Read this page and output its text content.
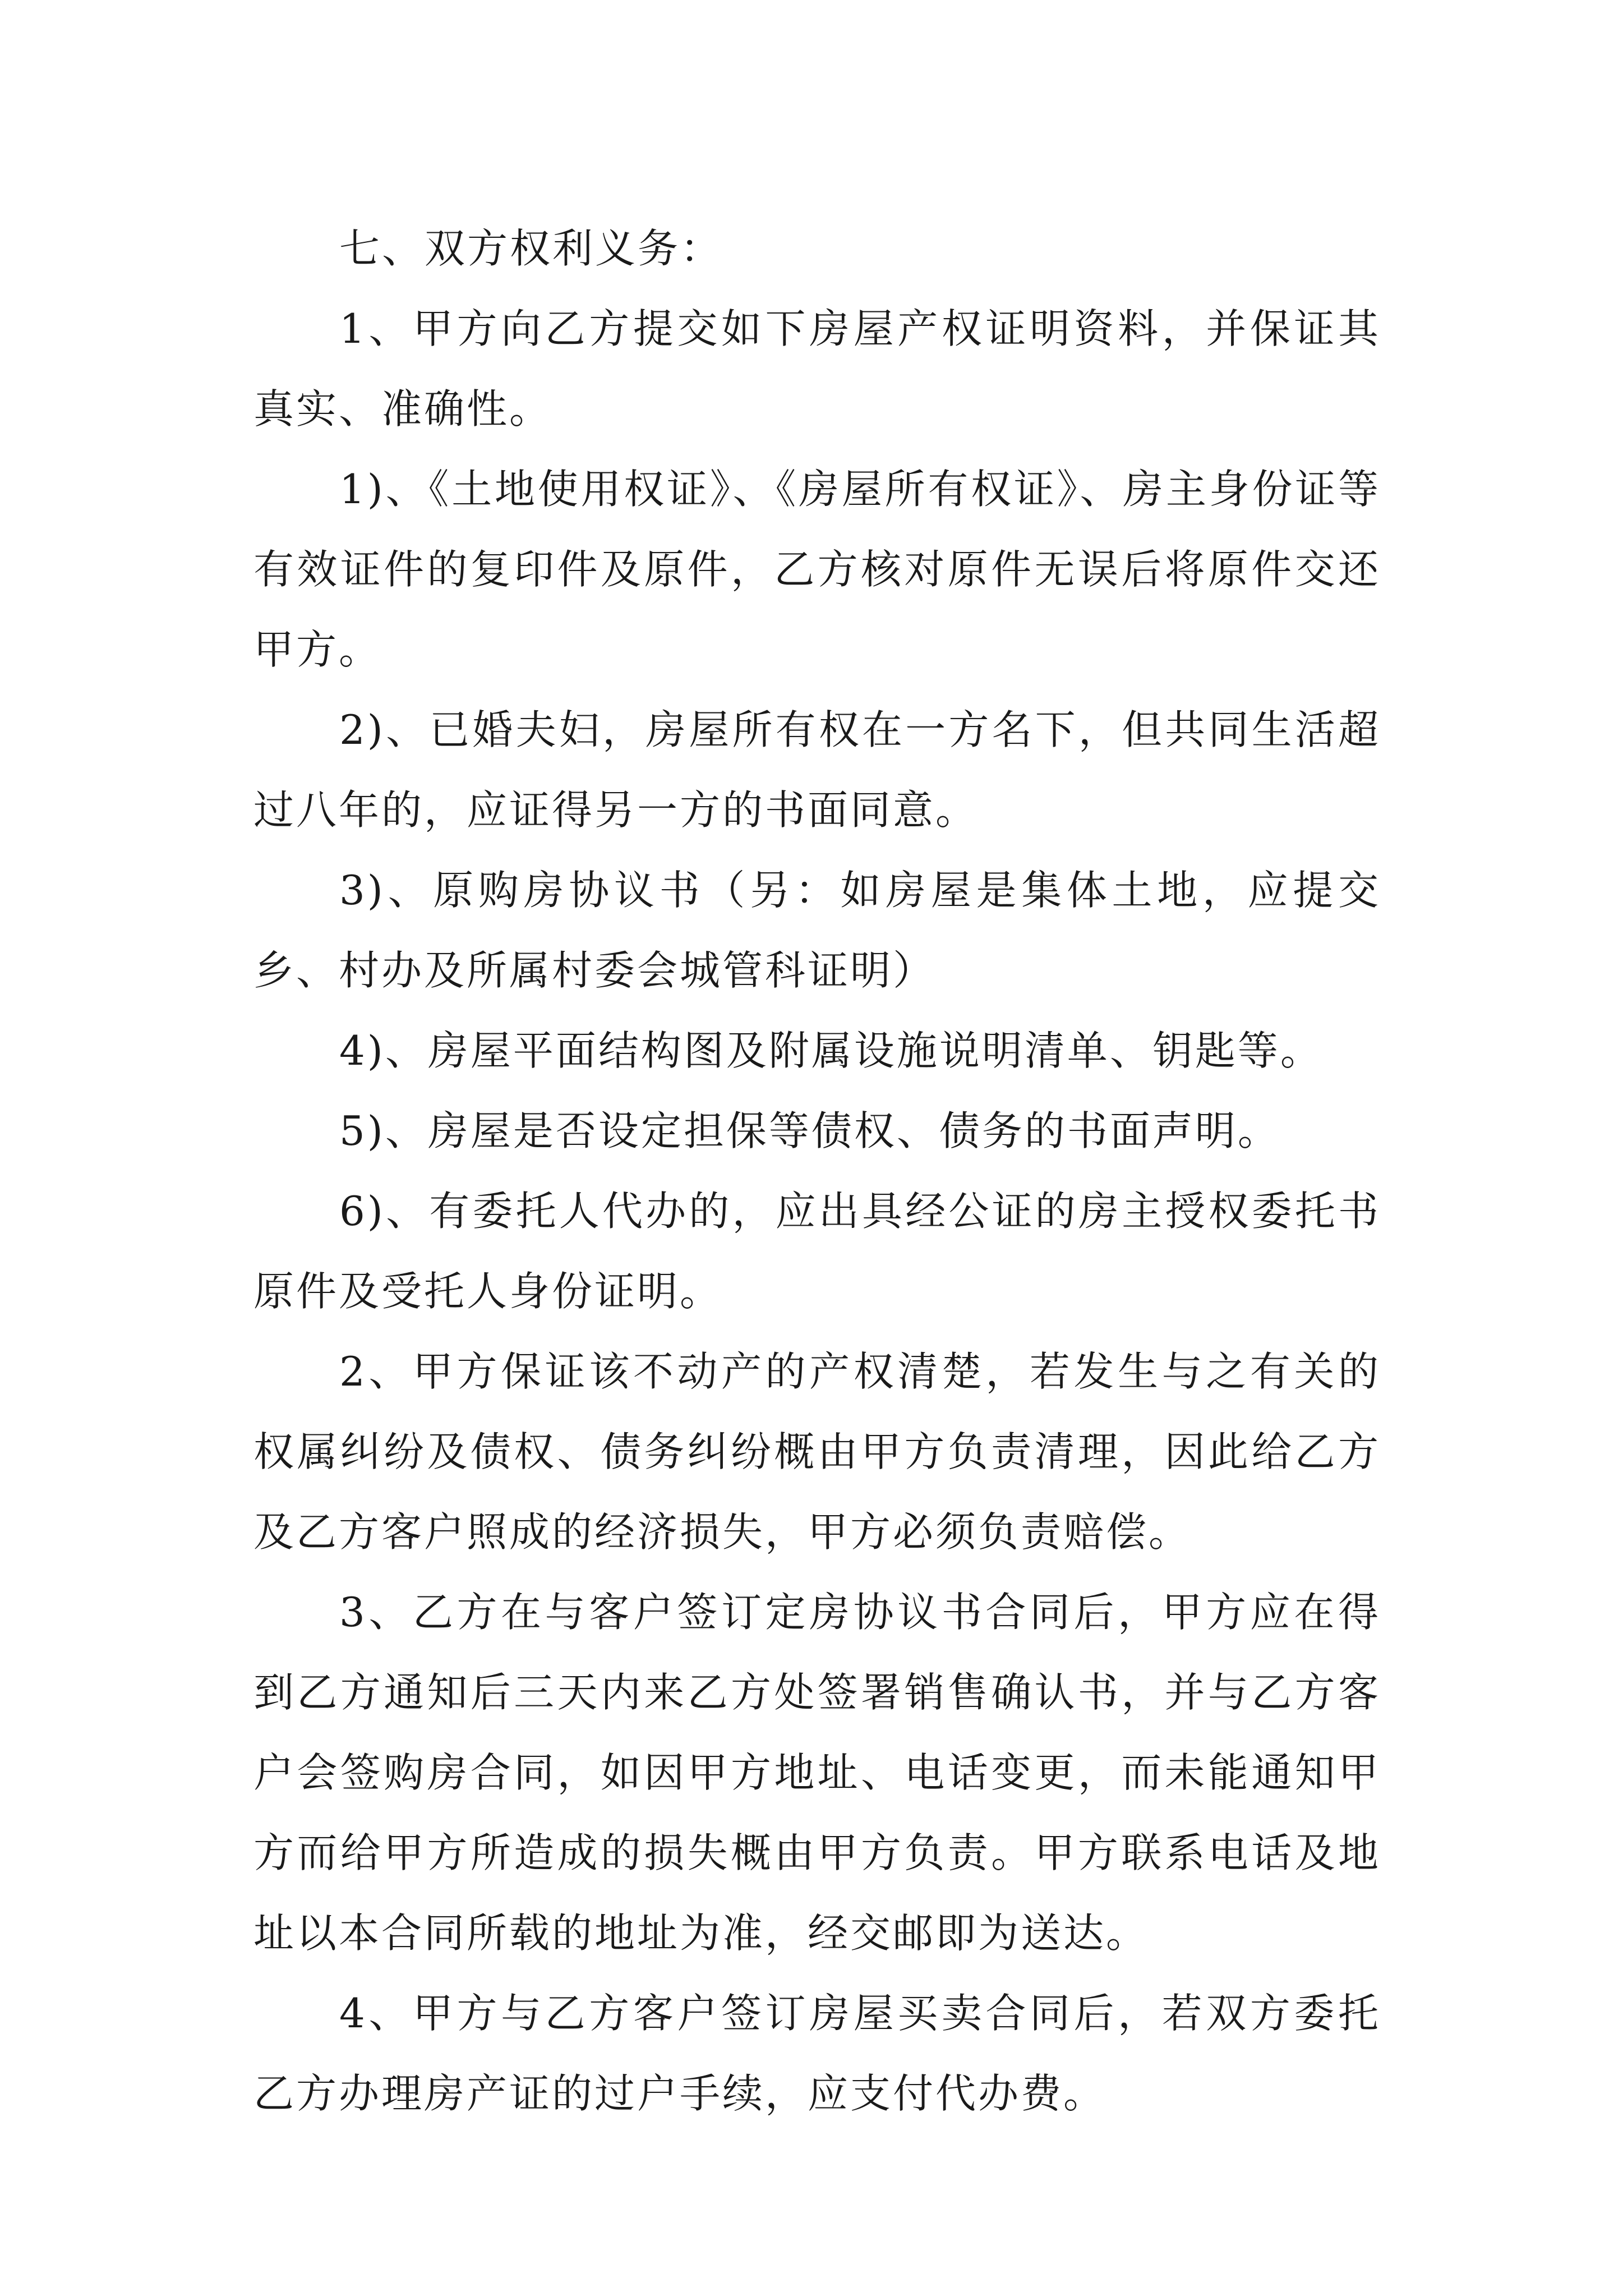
七、双方权利义务：

1、甲方向乙方提交如下房屋产权证明资料，并保证其真实、准确性。

1)、《土地使用权证》、《房屋所有权证》、房主身份证等有效证件的复印件及原件，乙方核对原件无误后将原件交还甲方。

2)、已婚夫妇，房屋所有权在一方名下，但共同生活超过八年的，应证得另一方的书面同意。

3)、原购房协议书（另：如房屋是集体土地，应提交乡、村办及所属村委会城管科证明）

4)、房屋平面结构图及附属设施说明清单、钥匙等。

5)、房屋是否设定担保等债权、债务的书面声明。

6)、有委托人代办的，应出具经公证的房主授权委托书原件及受托人身份证明。

2、甲方保证该不动产的产权清楚，若发生与之有关的权属纠纷及债权、债务纠纷概由甲方负责清理，因此给乙方及乙方客户照成的经济损失，甲方必须负责赔偿。

3、乙方在与客户签订定房协议书合同后，甲方应在得到乙方通知后三天内来乙方处签署销售确认书，并与乙方客户会签购房合同，如因甲方地址、电话变更，而未能通知甲方而给甲方所造成的损失概由甲方负责。甲方联系电话及地址以本合同所载的地址为准，经交邮即为送达。

4、甲方与乙方客户签订房屋买卖合同后，若双方委托乙方办理房产证的过户手续，应支付代办费。
